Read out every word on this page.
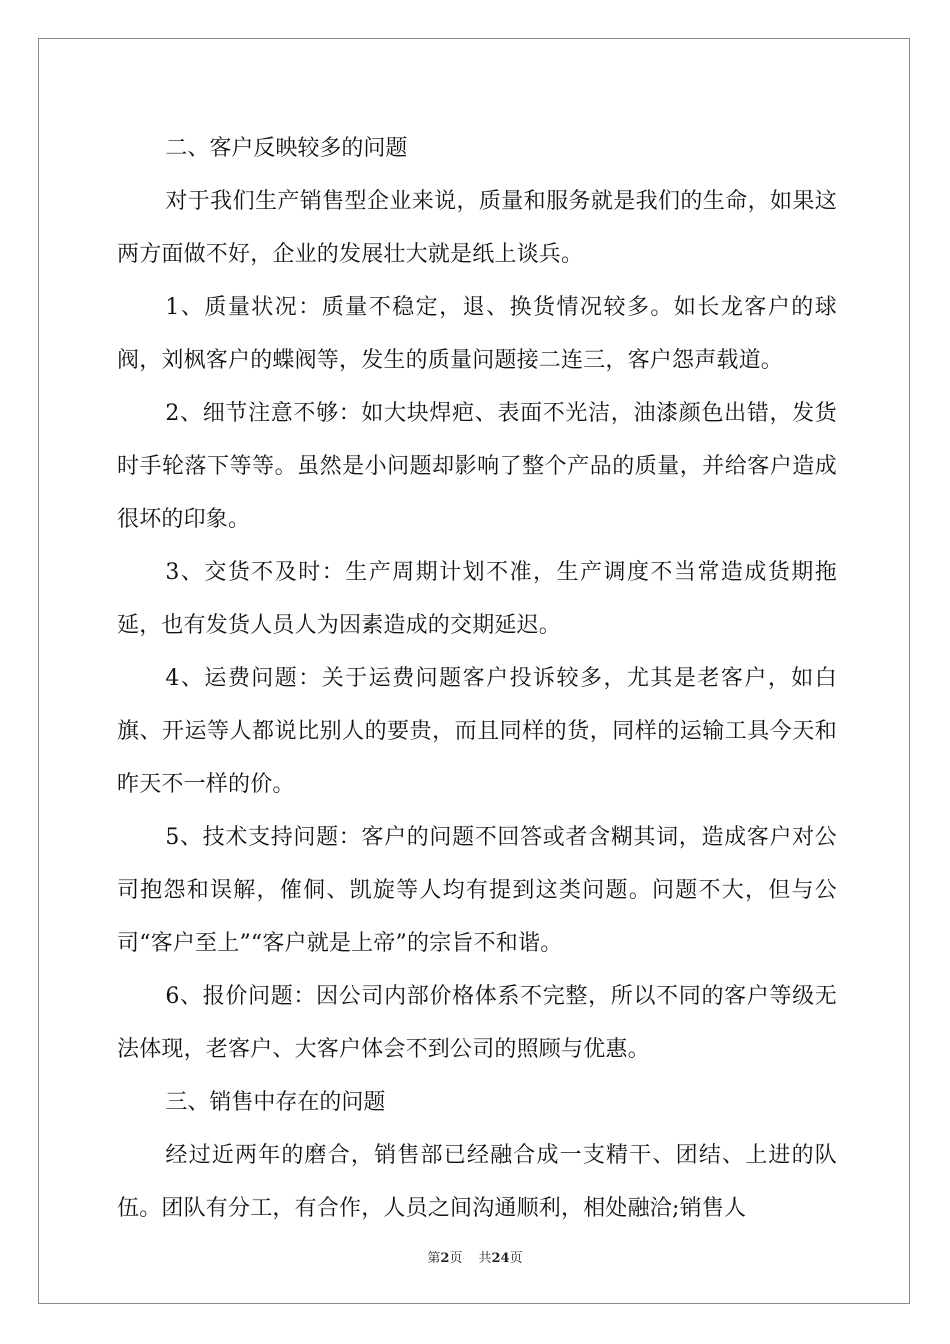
二、客户反映较多的问题

对于我们生产销售型企业来说，质量和服务就是我们的生命，如果这两方面做不好，企业的发展壮大就是纸上谈兵。

1、质量状况：质量不稳定，退、换货情况较多。如长龙客户的球阀，刘枫客户的蝶阀等，发生的质量问题接二连三，客户怨声载道。

2、细节注意不够：如大块焊疤、表面不光洁，油漆颜色出错，发货时手轮落下等等。虽然是小问题却影响了整个产品的质量，并给客户造成很坏的印象。

3、交货不及时：生产周期计划不准，生产调度不当常造成货期拖延，也有发货人员人为因素造成的交期延迟。

4、运费问题：关于运费问题客户投诉较多，尤其是老客户，如白旗、开运等人都说比别人的要贵，而且同样的货，同样的运输工具今天和昨天不一样的价。

5、技术支持问题：客户的问题不回答或者含糊其词，造成客户对公司抱怨和误解，傕侗、凯旋等人均有提到这类问题。问题不大，但与公司“客户至上”“客户就是上帝”的宗旨不和谐。

6、报价问题：因公司内部价格体系不完整，所以不同的客户等级无法体现，老客户、大客户体会不到公司的照顾与优惠。

三、销售中存在的问题

经过近两年的磨合，销售部已经融合成一支精干、团结、上进的队伍。团队有分工，有合作，人员之间沟通顺利，相处融洽;销售人

第2页 共24页
